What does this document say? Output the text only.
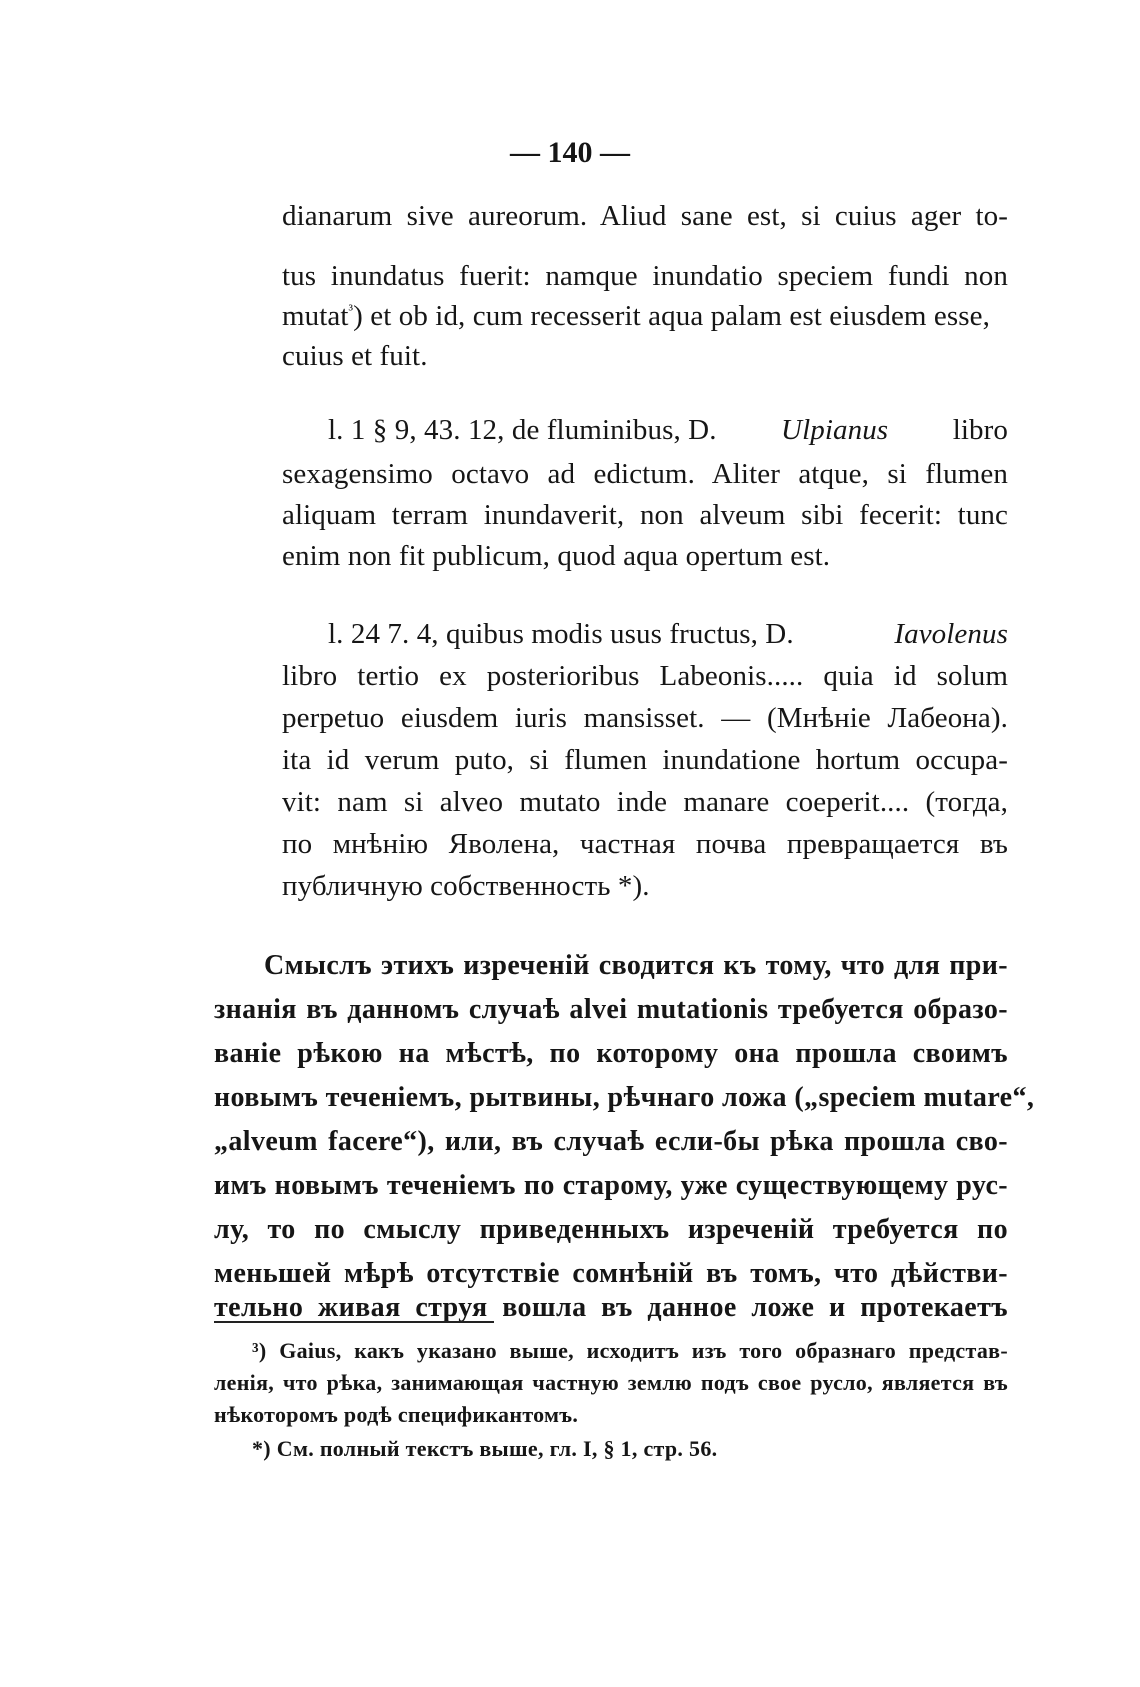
— 140 —
dianarum sive aureorum. Aliud sane est, si cuius ager to-
tus inundatus fuerit: namque inundatio speciem fundi non
mutat$^{^3}$) et ob id, cum recesserit aqua palam est eiusdem esse,
cuius et fuit.
l. 1 § 9, 43. 12, de fluminibus, D. Ulpianus libro
sexagensimo octavo ad edictum. Aliter atque, si flumen
aliquam terram inundaverit, non alveum sibi fecerit: tunc
enim non fit publicum, quod aqua opertum est.
l. 24 7. 4, quibus modis usus fructus, D.	Iavolenus
libro tertio ex posterioribus Labeonis..... quia id solum
perpetuo eiusdem iuris mansisset. — (Мнѣніе Лабеона).
ita id verum puto, si flumen inundatione hortum occupa-
vit: nam si alveo mutato inde manare coeperit.... (тогда,
по мнѣнію Яволена, частная почва превращается въ
публичную собственность *).
Смыслъ этихъ изреченій сводится къ тому, что для при-
знанія въ данномъ случаѣ alvei mutationis требуется образо-
ваніе рѣкою на мѣстѣ, по которому она прошла своимъ
новымъ теченіемъ, рытвины, рѣчнаго ложа („speciem mutare“,
„alveum facere“), или, въ случаѣ если-бы рѣка прошла сво-
имъ новымъ теченіемъ по старому, уже существующему рус-
лу, то по смыслу приведенныхъ изреченій требуется по
меньшей мѣрѣ отсутствіе сомнѣній въ томъ, что дѣйстви-
тельно живая струя вошла въ данное ложе и протекаетъ
³) Gaius, какъ указано выше, исходитъ изъ того образнаго представ-
ленія, что рѣка, занимающая частную землю подъ свое русло, является въ
нѣкоторомъ родѣ спецификантомъ.
*) См. полный текстъ выше, гл. I, § 1, стр. 56.
